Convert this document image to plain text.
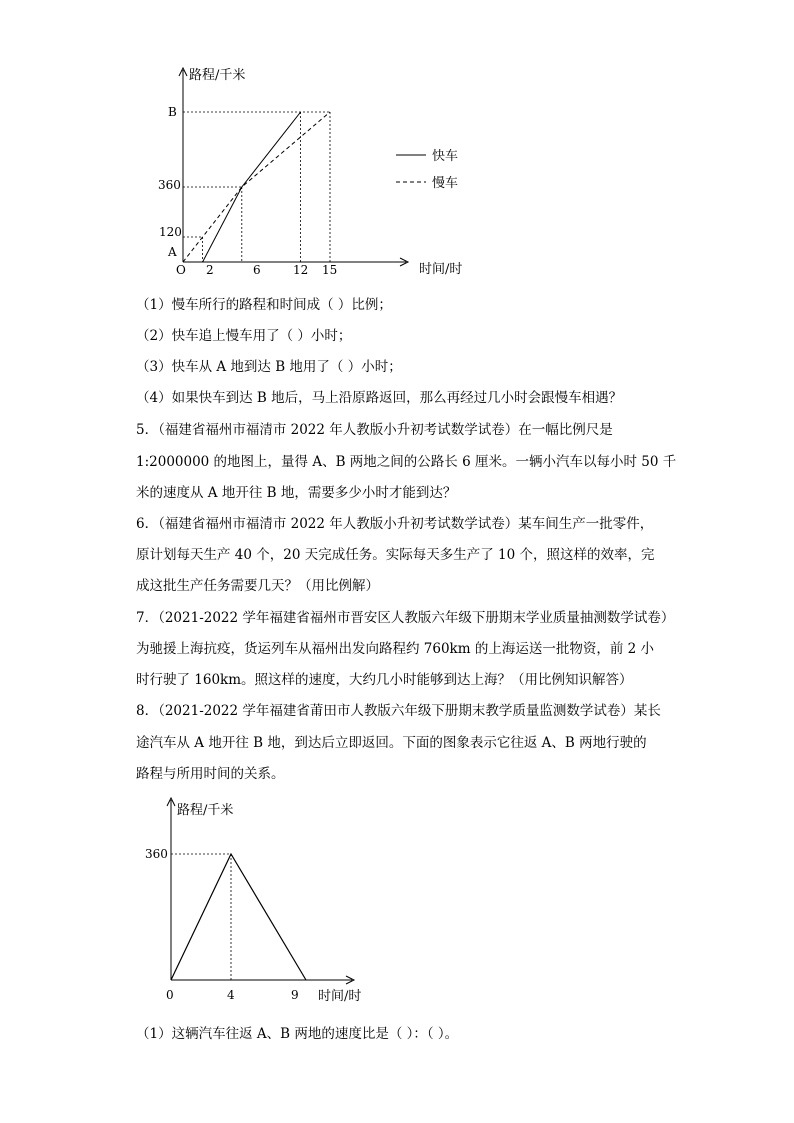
路程/千米
时间/时
O
B
360
120
A
2	6	12 15
快车
慢车
（1）慢车所行的路程和时间成（ ）比例；
（2）快车追上慢车用了（ ）小时；
（3）快车从 A 地到达 B 地用了（ ）小时；
（4）如果快车到达 B 地后，马上沿原路返回，那么再经过几小时会跟慢车相遇？
5．（福建省福州市福清市 2022 年人教版小升初考试数学试卷）在一幅比例尺是
1:2000000 的地图上，量得 A、B 两地之间的公路长 6 厘米。一辆小汽车以每小时 50 千
米的速度从 A 地开往 B 地，需要多少小时才能到达？
6．（福建省福州市福清市 2022 年人教版小升初考试数学试卷）某车间生产一批零件，
原计划每天生产 40 个，20 天完成任务。实际每天多生产了 10 个，照这样的效率，完
成这批生产任务需要几天？（用比例解）
7．（2021-2022 学年福建省福州市晋安区人教版六年级下册期末学业质量抽测数学试卷）
为驰援上海抗疫，货运列车从福州出发向路程约 760km 的上海运送一批物资，前 2 小
时行驶了 160km。照这样的速度，大约几小时能够到达上海？（用比例知识解答）
8．（2021-2022 学年福建省莆田市人教版六年级下册期末教学质量监测数学试卷）某长
途汽车从 A 地开往 B 地，到达后立即返回。下面的图象表示它往返 A、B 两地行驶的
路程与所用时间的关系。
路程/千米
时间/时
0
360
4	9
（1）这辆汽车往返 A、B 两地的速度比是（ ）：（ ）。
